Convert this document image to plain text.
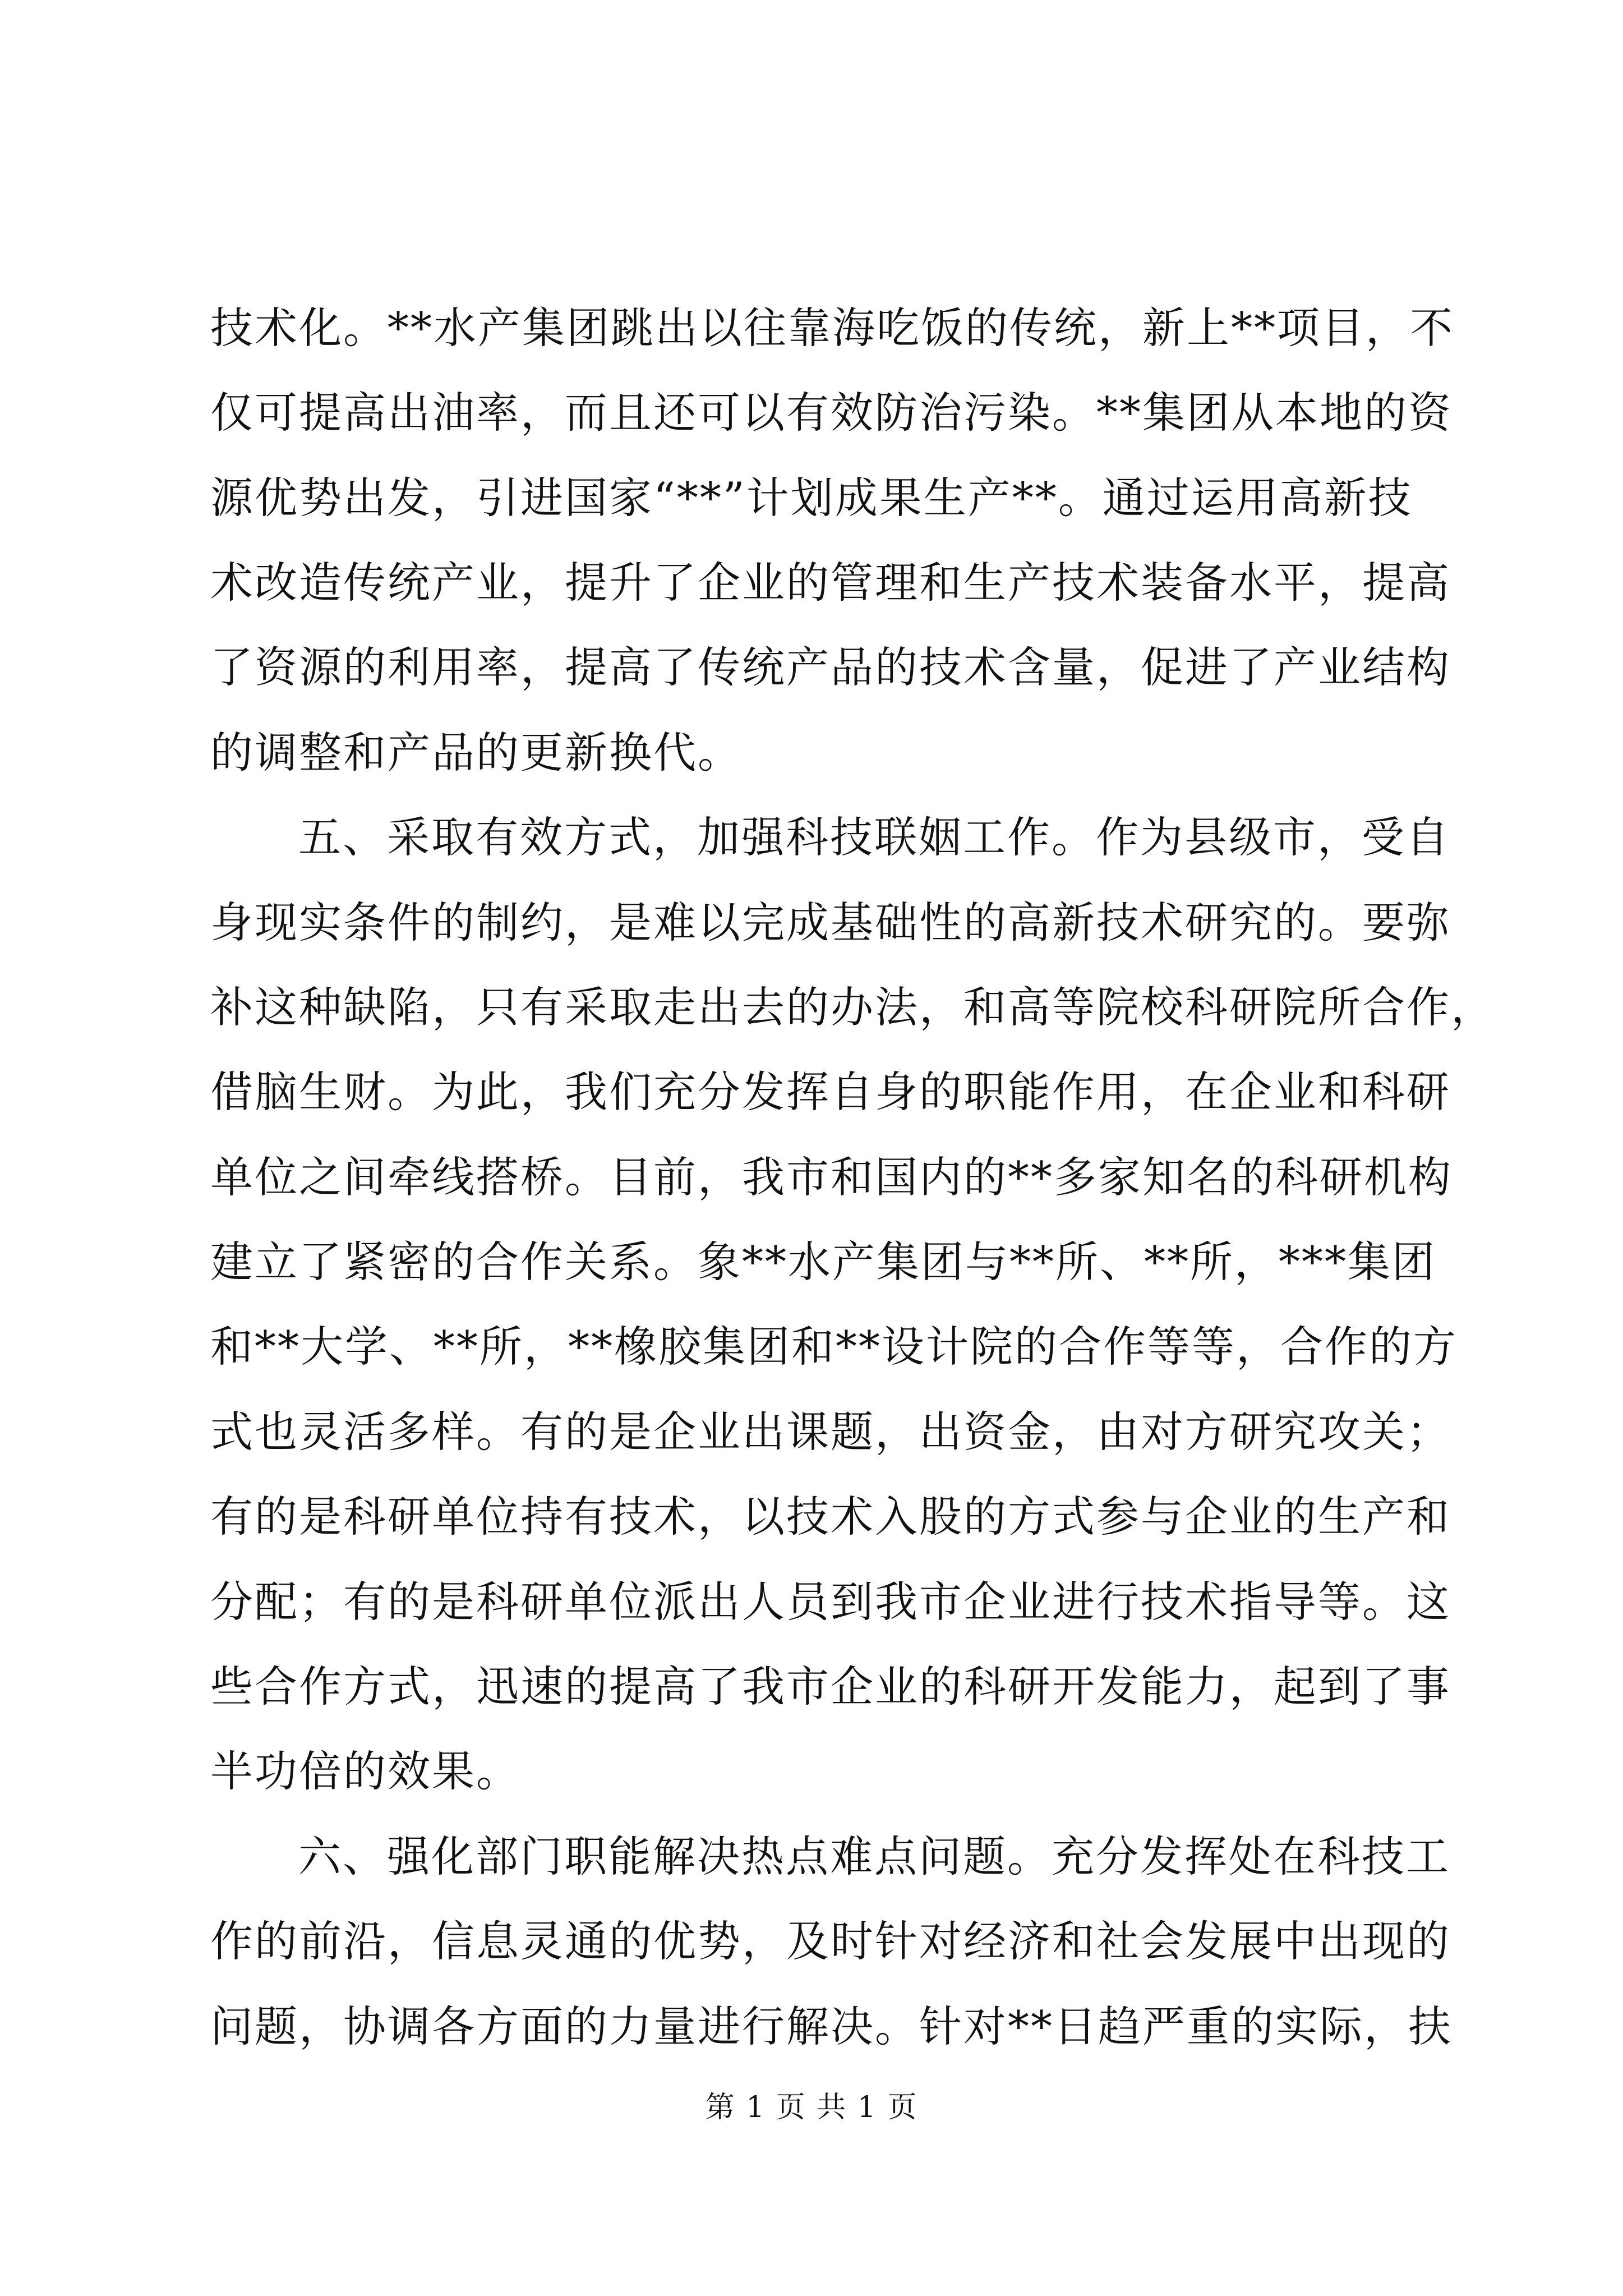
技术化。**水产集团跳出以往靠海吃饭的传统，新上**项目，不
仅可提高出油率，而且还可以有效防治污染。**集团从本地的资
源优势出发，引进国家“**”计划成果生产**。通过运用高新技
术改造传统产业，提升了企业的管理和生产技术装备水平，提高
了资源的利用率，提高了传统产品的技术含量，促进了产业结构
的调整和产品的更新换代。
五、采取有效方式，加强科技联姻工作。作为县级市，受自
身现实条件的制约，是难以完成基础性的高新技术研究的。要弥
补这种缺陷，只有采取走出去的办法，和高等院校科研院所合作，
借脑生财。为此，我们充分发挥自身的职能作用，在企业和科研
单位之间牵线搭桥。目前，我市和国内的**多家知名的科研机构
建立了紧密的合作关系。象**水产集团与**所、**所，***集团
和**大学、**所，**橡胶集团和**设计院的合作等等，合作的方
式也灵活多样。有的是企业出课题，出资金，由对方研究攻关；
有的是科研单位持有技术，以技术入股的方式参与企业的生产和
分配；有的是科研单位派出人员到我市企业进行技术指导等。这
些合作方式，迅速的提高了我市企业的科研开发能力，起到了事
半功倍的效果。
六、强化部门职能解决热点难点问题。充分发挥处在科技工
作的前沿，信息灵通的优势，及时针对经济和社会发展中出现的
问题，协调各方面的力量进行解决。针对**日趋严重的实际，扶
第 1 页 共 1 页
